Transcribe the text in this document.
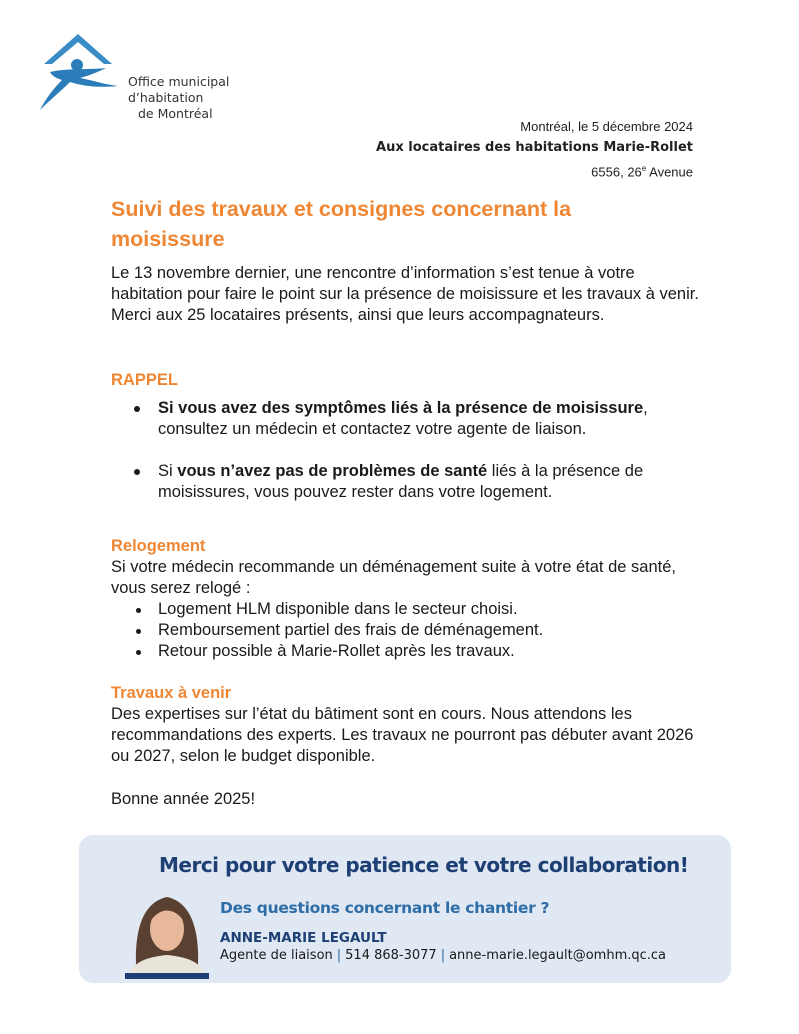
Office municipal
d’habitation
de Montréal
Montréal, le 5 décembre 2024
Aux locataires des habitations Marie-Rollet
6556, 26e Avenue
Suivi des travaux et consignes concernant la moisissure

Le 13 novembre dernier, une rencontre d’information s’est tenue à votre habitation pour faire le point sur la présence de moisissure et les travaux à venir. Merci aux 25 locataires présents, ainsi que leurs accompagnateurs.

RAPPEL
Si vous avez des symptômes liés à la présence de moisissure, consultez un médecin et contactez votre agente de liaison.
Si vous n’avez pas de problèmes de santé liés à la présence de moisissures, vous pouvez rester dans votre logement.
Relogement
Si votre médecin recommande un déménagement suite à votre état de santé, vous serez relogé :
Logement HLM disponible dans le secteur choisi.
Remboursement partiel des frais de déménagement.
Retour possible à Marie-Rollet après les travaux.
Travaux à venir
Des expertises sur l’état du bâtiment sont en cours. Nous attendons les recommandations des experts. Les travaux ne pourront pas débuter avant 2026 ou 2027, selon le budget disponible.

Bonne année 2025!

Merci pour votre patience et votre collaboration!
Des questions concernant le chantier ?
ANNE-MARIE LEGAULT
Agente de liaison | 514 868-3077 | anne-marie.legault@omhm.qc.ca
